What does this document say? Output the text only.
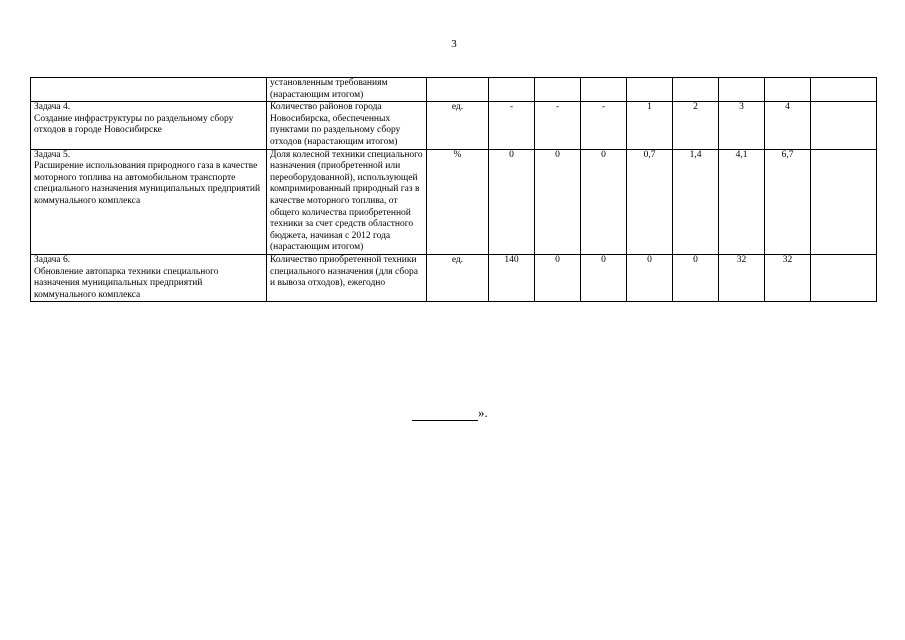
3
	установленным требованиям (нарастающим итогом)									

Задача 4.
Создание инфраструктуры по раздельному сбору отходов в городе Новосибирске	Количество районов города Новосибирска, обеспеченных пунктами по раздельному сбору отходов (нарастающим итогом)	ед.	-	-	-	1	2	3	4	

Задача 5.
Расширение использования природного газа в качестве моторного топлива на автомобильном транспорте специального назначения муниципальных предприятий коммунального комплекса	Доля колесной техники специального назначения (приобретенной или переоборудованной), использующей компримированный природный газ в качестве моторного топлива, от общего количества приобретенной техники за счет средств областного бюджета, начиная с 2012 года (нарастающим итогом)	%	0	0	0	0,7	1,4	4,1	6,7	

Задача 6.
Обновление автопарка техники специального назначения муниципальных предприятий коммунального комплекса	Количество приобретенной техники специального назначения (для сбора и вывоза отходов), ежегодно	ед.	140	0	0	0	0	32	32	
».
